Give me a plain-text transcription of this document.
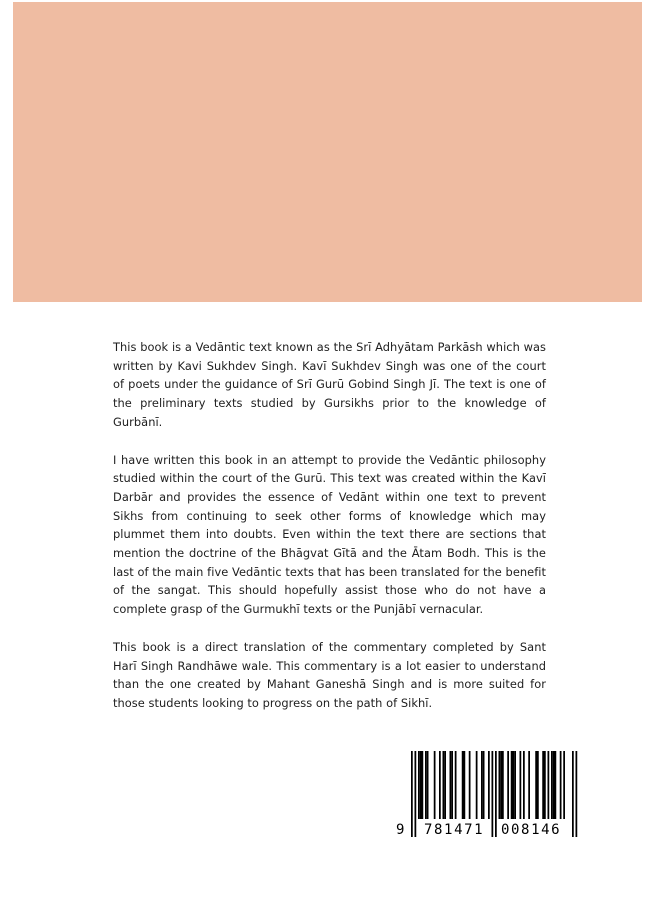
This book is a Vedāntic text known as the Srī Adhyātam Parkāsh which was written by Kavi Sukhdev Singh. Kavī Sukhdev Singh was one of the court of poets under the guidance of Srī Gurū Gobind Singh Jī. The text is one of the preliminary texts studied by Gursikhs prior to the knowledge of Gurbānī.

I have written this book in an attempt to provide the Vedāntic philosophy studied within the court of the Gurū. This text was created within the Kavī Darbār and provides the essence of Vedānt within one text to prevent Sikhs from continuing to seek other forms of knowledge which may plummet them into doubts. Even within the text there are sections that mention the doctrine of the Bhāgvat Gītā and the Ātam Bodh. This is the last of the main five Vedāntic texts that has been translated for the benefit of the sangat. This should hopefully assist those who do not have a complete grasp of the Gurmukhī texts or the Punjābī vernacular.

This book is a direct translation of the commentary completed by Sant Harī Singh Randhāwe wale. This commentary is a lot easier to understand than the one created by Mahant Ganeshā Singh and is more suited for those students looking to progress on the path of Sikhī.

9 781471 008146
